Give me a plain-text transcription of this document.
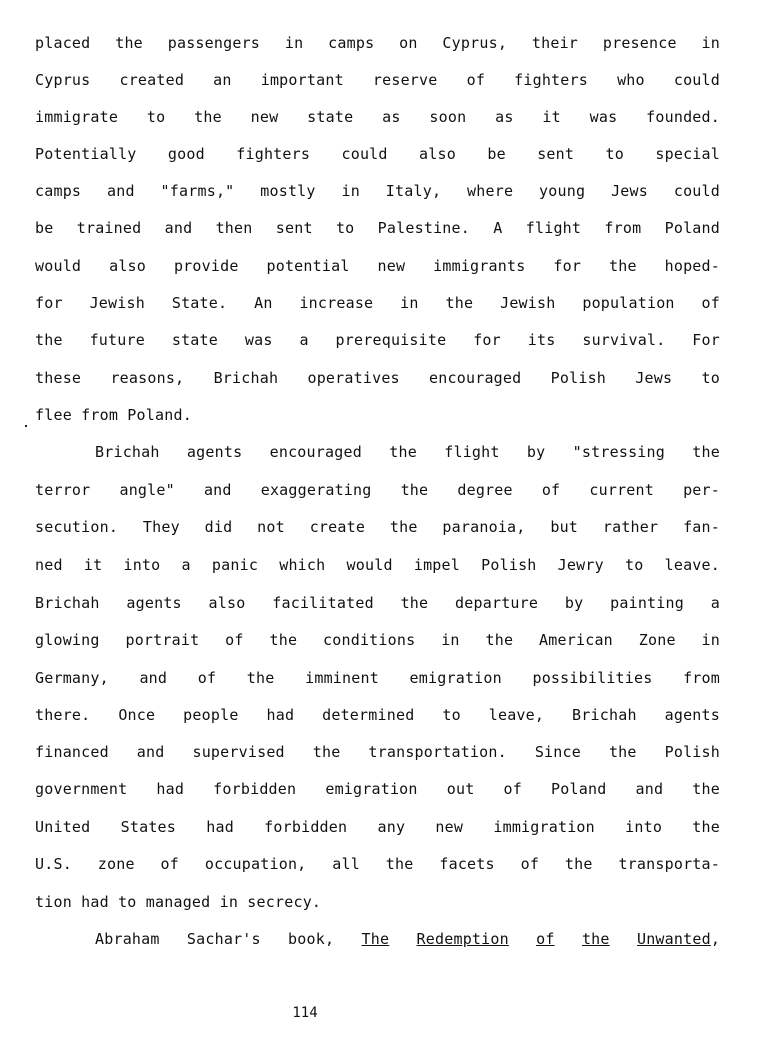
placed the passengers in camps on Cyprus, their presence in
Cyprus created an important reserve of fighters who could
immigrate to the new state as soon as it was founded.
Potentially good fighters could also be sent to special
camps and "farms," mostly in Italy, where young Jews could
be trained and then sent to Palestine. A flight from Poland
would also provide potential new immigrants for the hoped-
for Jewish State. An increase in the Jewish population of
the future state was a prerequisite for its survival. For
these reasons, Brichah operatives encouraged Polish Jews to
flee from Poland.
Brichah agents encouraged the flight by "stressing the
terror angle" and exaggerating the degree of current per-
secution. They did not create the paranoia, but rather fan-
ned it into a panic which would impel Polish Jewry to leave.
Brichah agents also facilitated the departure by painting a
glowing portrait of the conditions in the American Zone in
Germany, and of the imminent emigration possibilities from
there. Once people had determined to leave, Brichah agents
financed and supervised the transportation. Since the Polish
government had forbidden emigration out of Poland and the
United States had forbidden any new immigration into the
U.S. zone of occupation, all the facets of the transporta-
tion had to managed in secrecy.
Abraham Sachar's book, The Redemption of the Unwanted,
114
